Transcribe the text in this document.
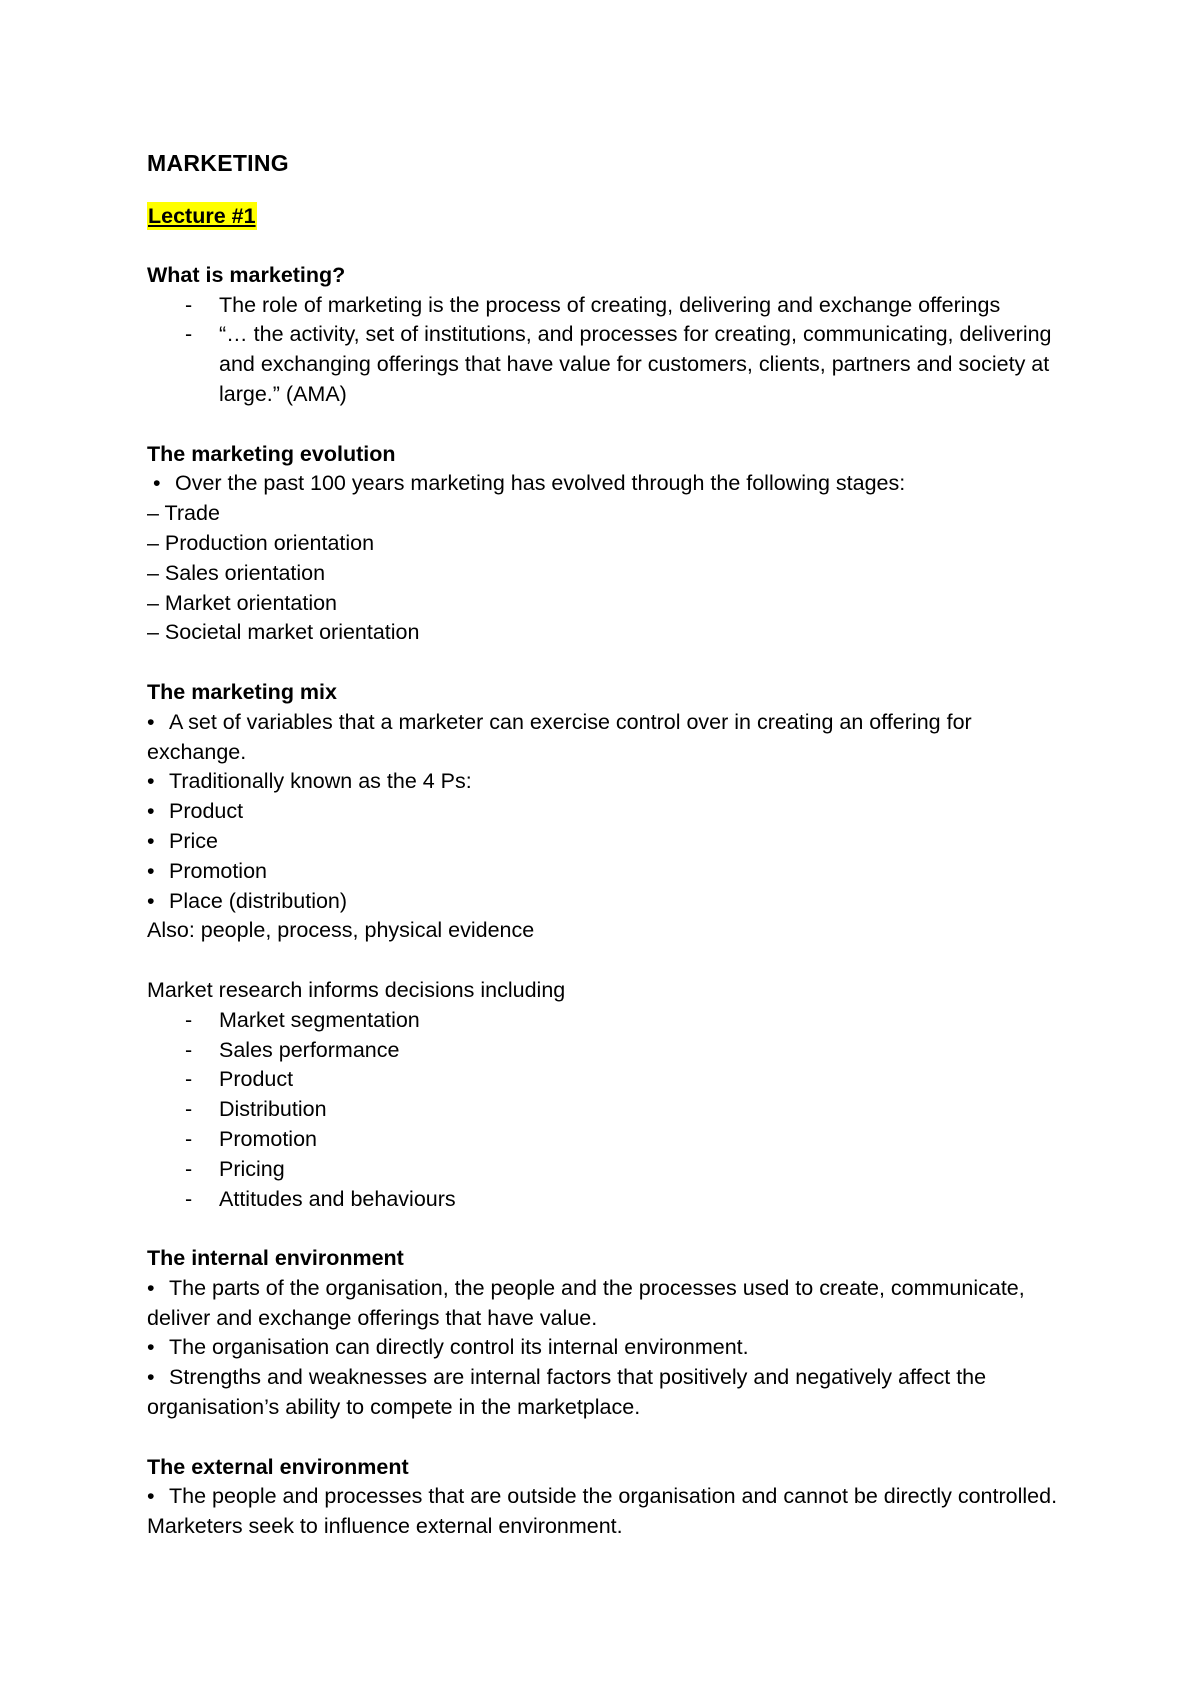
MARKETING
Lecture #1

What is marketing?

- The role of marketing is the process of creating, delivering and exchange offerings
- “… the activity, set of institutions, and processes for creating, communicating, delivering and exchanging offerings that have value for customers, clients, partners and society at large.” (AMA)

The marketing evolution

• Over the past 100 years marketing has evolved through the following stages:

– Trade

– Production orientation

– Sales orientation

– Market orientation

– Societal market orientation

The marketing mix

• A set of variables that a marketer can exercise control over in creating an offering for exchange.

• Traditionally known as the 4 Ps:

• Product

• Price

• Promotion

• Place (distribution)

Also: people, process, physical evidence

Market research informs decisions including

- Market segmentation
- Sales performance
- Product
- Distribution
- Promotion
- Pricing
- Attitudes and behaviours

The internal environment

• The parts of the organisation, the people and the processes used to create, communicate, deliver and exchange offerings that have value.

• The organisation can directly control its internal environment.

• Strengths and weaknesses are internal factors that positively and negatively affect the organisation’s ability to compete in the marketplace.

The external environment

• The people and processes that are outside the organisation and cannot be directly controlled. Marketers seek to influence external environment.
